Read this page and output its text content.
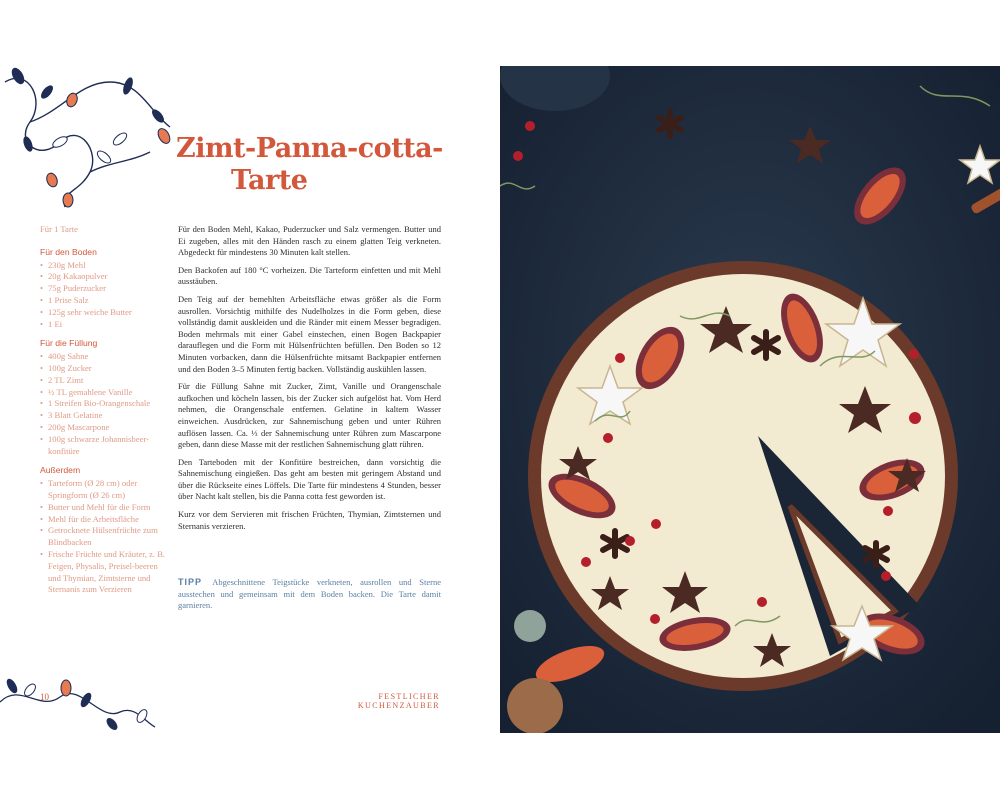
Zimt-Panna-cotta-
Tarte
Für 1 Tarte
Für den Boden
• 230g Mehl
• 20g Kakaopulver
• 75g Puderzucker
• 1 Prise Salz
• 125g sehr weiche Butter
• 1 Ei
Für die Füllung
• 400g Sahne
• 100g Zucker
• 2 TL Zimt
• ½ TL gemahlene Vanille
• 1 Streifen Bio-Orangenschale
• 3 Blatt Gelatine
• 200g Mascarpone
• 100g schwarze Johannisbeer-konfitüre
Außerdem
• Tarteform (Ø 28 cm) oder Springform (Ø 26 cm)
• Butter und Mehl für die Form
• Mehl für die Arbeitsfläche
• Getrocknete Hülsenfrüchte zum Blindbacken
• Frische Früchte und Kräuter, z. B. Feigen, Physalis, Preisel-beeren und Thymian, Zimtsterne und Sternanis zum Verzieren

Für den Boden Mehl, Kakao, Puderzucker und Salz vermengen. Butter und Ei zugeben, alles mit den Händen rasch zu einem glatten Teig verkneten. Abgedeckt für mindestens 30 Minuten kalt stellen.

Den Backofen auf 180 °C vorheizen. Die Tarteform einfetten und mit Mehl ausstäuben.

Den Teig auf der bemehlten Arbeitsfläche etwas größer als die Form ausrollen. Vorsichtig mithilfe des Nudelholzes in die Form geben, diese vollständig damit auskleiden und die Ränder mit einem Messer begradigen. Boden mehrmals mit einer Gabel einstechen, einen Bogen Backpapier darauflegen und die Form mit Hülsenfrüchten befüllen. Den Boden so 12 Minuten vorbacken, dann die Hülsenfrüchte mitsamt Backpapier entfernen und den Boden 3–5 Minuten fertig backen. Vollständig auskühlen lassen.

Für die Füllung Sahne mit Zucker, Zimt, Vanille und Orangenschale aufkochen und köcheln lassen, bis der Zucker sich aufgelöst hat. Vom Herd nehmen, die Orangenschale entfernen. Gelatine in kaltem Wasser einweichen. Ausdrücken, zur Sahnemischung geben und unter Rühren auflösen lassen. Ca. ⅓ der Sahnemischung unter Rühren zum Mascarpone geben, dann diese Masse mit der restlichen Sahnemischung glatt rühren.

Den Tarteboden mit der Konfitüre bestreichen, dann vorsichtig die Sahnemischung eingießen. Das geht am besten mit geringem Abstand und über die Rückseite eines Löffels. Die Tarte für mindestens 4 Stunden, besser über Nacht kalt stellen, bis die Panna cotta fest geworden ist.

Kurz vor dem Servieren mit frischen Früchten, Thymian, Zimtsternen und Sternanis verzieren.

TIPP Abgeschnittene Teigstücke verkneten, ausrollen und Sterne ausstechen und gemeinsam mit dem Boden backen. Die Tarte damit garnieren.
10	FESTLICHER KUCHENZAUBER
